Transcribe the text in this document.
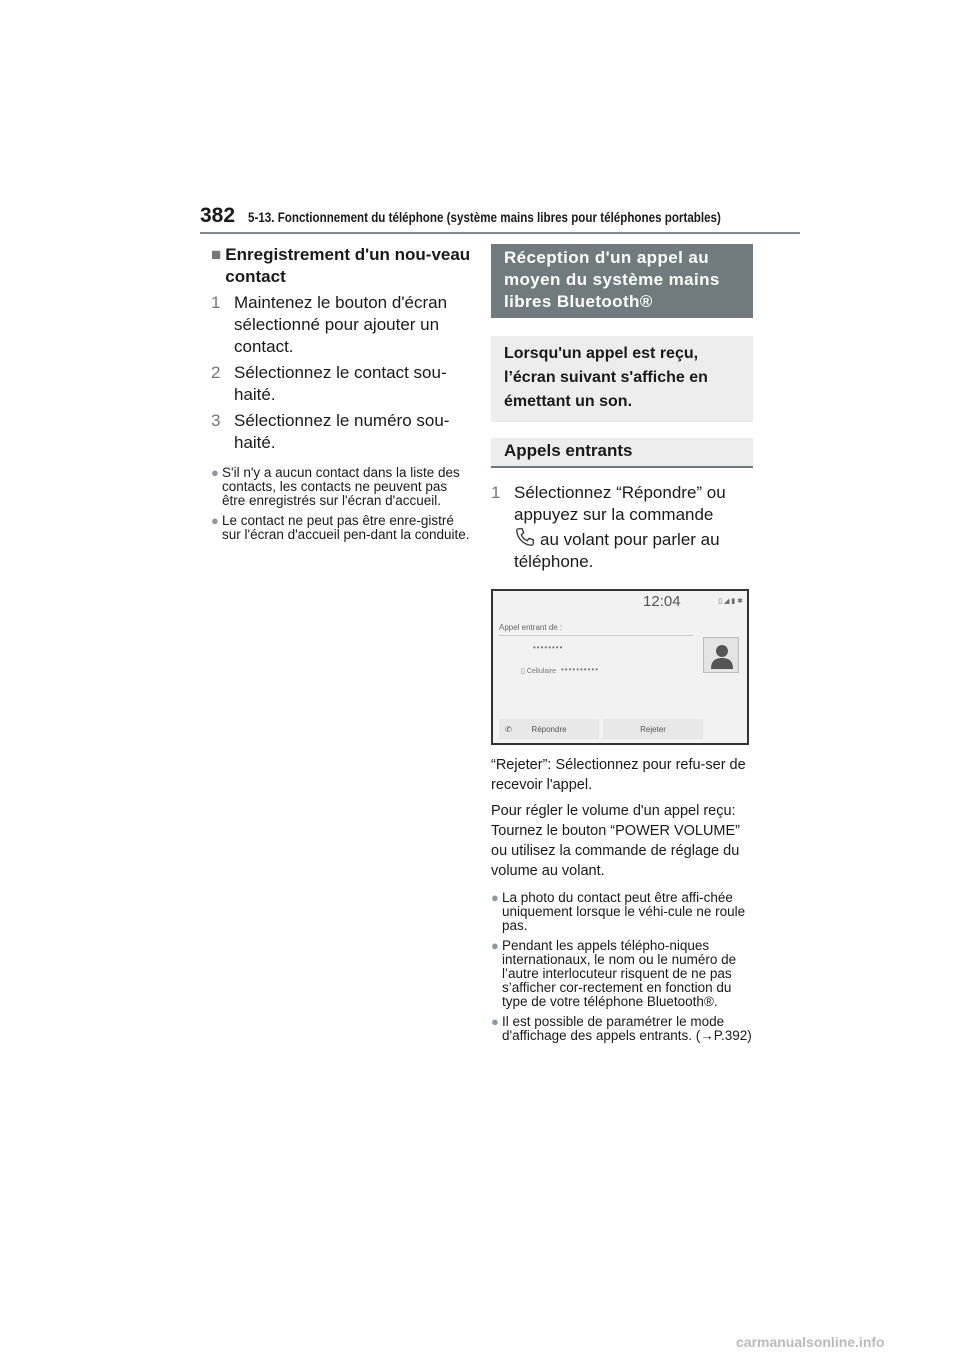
382 5-13. Fonctionnement du téléphone (système mains libres pour téléphones portables)
■ Enregistrement d'un nou-veau contact
1 Maintenez le bouton d'écran sélectionné pour ajouter un contact.
2 Sélectionnez le contact sou-haité.
3 Sélectionnez le numéro sou-haité.
● S'il n'y a aucun contact dans la liste des contacts, les contacts ne peuvent pas être enregistrés sur l'écran d'accueil.
● Le contact ne peut pas être enre-gistré sur l'écran d'accueil pen-dant la conduite.
Réception d'un appel au moyen du système mains libres Bluetooth®
Lorsqu'un appel est reçu, l’écran suivant s'affiche en émettant un son.
Appels entrants
1 Sélectionnez “Répondre” ou appuyez sur la commande
au volant pour parler au téléphone.
12:04	▯ ◢ ▮ ✱
Appel entrant de :
••••••••
▯ Cellulaire ••••••••••
✆ Répondre	Rejeter

“Rejeter”: Sélectionnez pour refu-ser de recevoir l'appel.

Pour régler le volume d'un appel reçu: Tournez le bouton “POWER VOLUME” ou utilisez la commande de réglage du volume au volant.

● La photo du contact peut être affi-chée uniquement lorsque le véhi-cule ne roule pas.
● Pendant les appels télépho-niques internationaux, le nom ou le numéro de l’autre interlocuteur risquent de ne pas s’afficher cor-rectement en fonction du type de votre téléphone Bluetooth®.
● Il est possible de paramétrer le mode d'affichage des appels entrants. (→P.392)
carmanualsonline.info
